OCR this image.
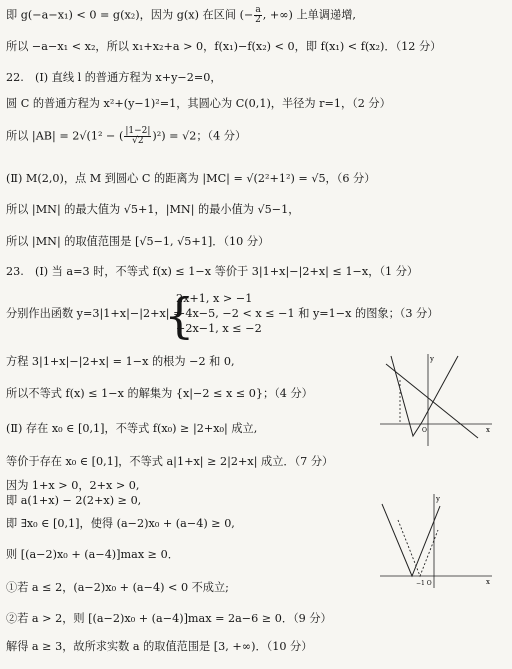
即 g(−a−x₁) < 0 = g(x₂)，因为 g(x) 在区间 (− $\frac{a}{2}$ , +∞) 上单调递增,
所以 −a−x₁ < x₂，所以 x₁+x₂+a > 0，f(x₁)−f(x₂) < 0，即 f(x₁) < f(x₂)．（12 分）
22.　(Ⅰ) 直线 l 的普通方程为 x+y−2=0，
圆 C 的普通方程为 x²+(y−1)²=1，其圆心为 C(0,1)，半径为 r=1，（2 分）
所以 |AB| = 2√(1² − ( $\frac{|1-2|}{√2} )^2) = √2$；（4 分）
(Ⅱ) M(2,0)，点 M 到圆心 C 的距离为 |MC| = √(2²+1²) = √5，（6 分）
所以 |MN| 的最大值为 √5+1，|MN| 的最小值为 √5−1，
所以 |MN| 的取值范围是 [√5−1, √5+1]．（10 分）
23.　(Ⅰ) 当 a=3 时，不等式 f(x) ≤ 1−x 等价于 3|1+x|−|2+x| ≤ 1−x，（1 分）
分别作出函数 y=3|1+x|−|2+x| =
{
2x+1, x > −1
−4x−5, −2 < x ≤ −1 和 y=1−x 的图象；（3 分）
−2x−1, x ≤ −2
方程 3|1+x|−|2+x| = 1−x 的根为 −2 和 0,
所以不等式 f(x) ≤ 1−x 的解集为 {x|−2 ≤ x ≤ 0}；（4 分）
(Ⅱ) 存在 x₀ ∈ [0,1]，不等式 f(x₀) ≥ |2+x₀| 成立,
等价于存在 x₀ ∈ [0,1]，不等式 a|1+x| ≥ 2|2+x| 成立．（7 分）
因为 1+x > 0，2+x > 0,
即 a(1+x) − 2(2+x) ≥ 0,
即 ∃x₀ ∈ [0,1]，使得 (a−2)x₀ + (a−4) ≥ 0,
则 [(a−2)x₀ + (a−4)]max ≥ 0．
①若 a ≤ 2，(a−2)x₀ + (a−4) < 0 不成立;
②若 a > 2，则 [(a−2)x₀ + (a−4)]max = 2a−6 ≥ 0．（9 分）
解得 a ≥ 3，故所求实数 a 的取值范围是 [3, +∞)．（10 分）
y
x
O
y
x
−1 O
